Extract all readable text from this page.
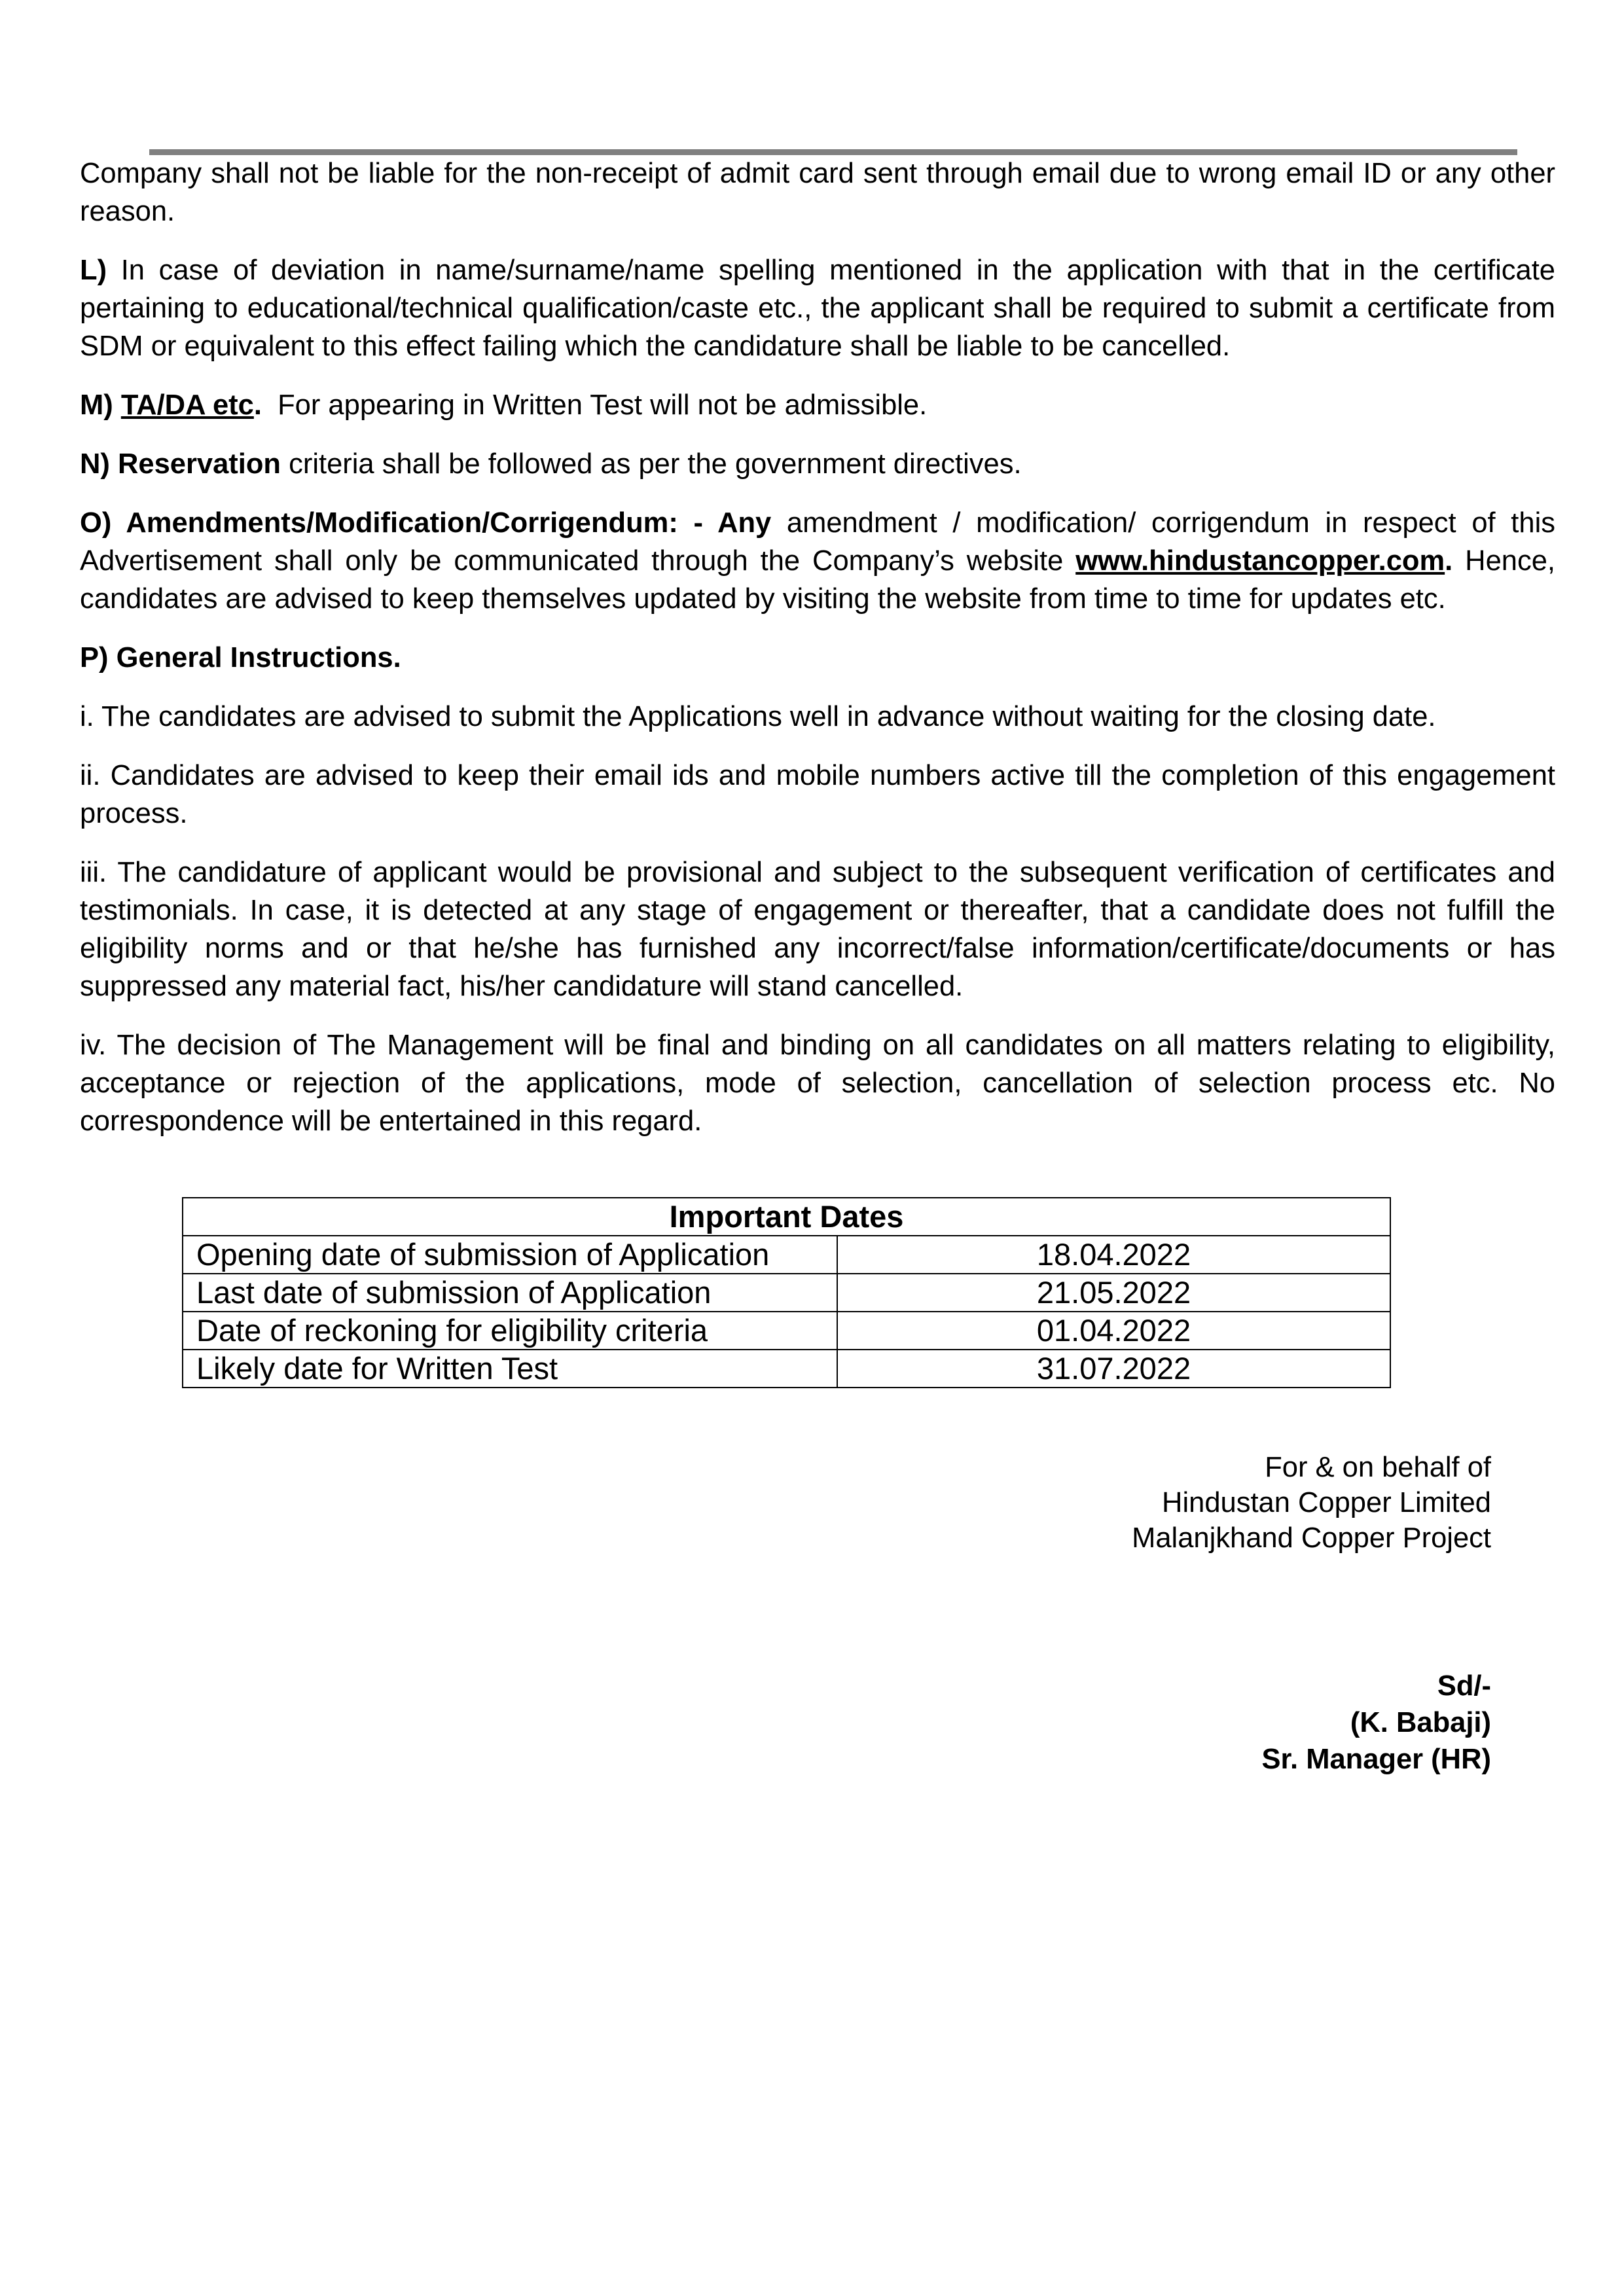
Company shall not be liable for the non-receipt of admit card sent through email due to wrong email ID or any other reason.

L) In case of deviation in name/surname/name spelling mentioned in the application with that in the certificate pertaining to educational/technical qualification/caste etc., the applicant shall be required to submit a certificate from SDM or equivalent to this effect failing which the candidature shall be liable to be cancelled.

M) TA/DA etc.  For appearing in Written Test will not be admissible.

N) Reservation criteria shall be followed as per the government directives.

O) Amendments/Modification/Corrigendum: - Any amendment / modification/ corrigendum in respect of this Advertisement shall only be communicated through the Company’s website www.hindustancopper.com. Hence, candidates are advised to keep themselves updated by visiting the website from time to time for updates etc.

P) General Instructions.

i. The candidates are advised to submit the Applications well in advance without waiting for the closing date.

ii. Candidates are advised to keep their email ids and mobile numbers active till the completion of this engagement process.

iii. The candidature of applicant would be provisional and subject to the subsequent verification of certificates and testimonials. In case, it is detected at any stage of engagement or thereafter, that a candidate does not fulfill the eligibility norms and or that he/she has furnished any incorrect/false information/certificate/documents or has suppressed any material fact, his/her candidature will stand cancelled.

iv. The decision of The Management will be final and binding on all candidates on all matters relating to eligibility, acceptance or rejection of the applications, mode of selection, cancellation of selection process etc. No correspondence will be entertained in this regard.

Important Dates	
Opening date of submission of Application	18.04.2022
Last date of submission of Application	21.05.2022
Date of reckoning for eligibility criteria	01.04.2022
Likely date for Written Test	31.07.2022
For & on behalf of
Hindustan Copper Limited
Malanjkhand Copper Project
Sd/-
(K. Babaji)
Sr. Manager (HR)
